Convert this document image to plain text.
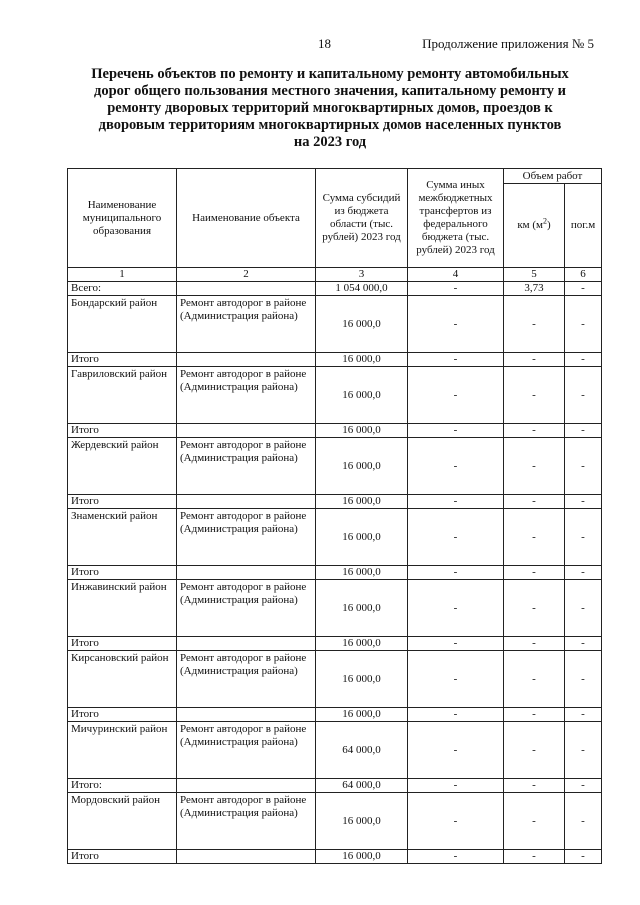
18	Продолжение приложения № 5
Перечень объектов по ремонту и капитальному ремонту автомобильных
дорог общего пользования местного значения, капитальному ремонту и
ремонту дворовых территорий многоквартирных домов, проездов к
дворовым территориям многоквартирных домов населенных пунктов
на 2023 год
Наименование муниципального образования	Наименование объекта	Сумма субсидий из бюджета области (тыс. рублей) 2023 год	Сумма иных межбюджетных трансфертов из федерального бюджета (тыс. рублей) 2023 год	Объем работ	
				км $(м^2)$	пог.м
1	2	3	4	5	6
Всего:		1 054 000,0	-	3,73	-
Бондарский район	Ремонт автодорог в районе (Администрация района)	16 000,0	-	-	-
Итого		16 000,0	-	-	-
Гавриловский район	Ремонт автодорог в районе (Администрация района)	16 000,0	-	-	-
Итого		16 000,0	-	-	-
Жердевский район	Ремонт автодорог в районе (Администрация района)	16 000,0	-	-	-
Итого		16 000,0	-	-	-
Знаменский район	Ремонт автодорог в районе (Администрация района)	16 000,0	-	-	-
Итого		16 000,0	-	-	-
Инжавинский район	Ремонт автодорог в районе (Администрация района)	16 000,0	-	-	-
Итого		16 000,0	-	-	-
Кирсановский район	Ремонт автодорог в районе (Администрация района)	16 000,0	-	-	-
Итого		16 000,0	-	-	-
Мичуринский район	Ремонт автодорог в районе (Администрация района)	64 000,0	-	-	-
Итого:		64 000,0	-	-	-
Мордовский район	Ремонт автодорог в районе (Администрация района)	16 000,0	-	-	-
Итого		16 000,0	-	-	-
